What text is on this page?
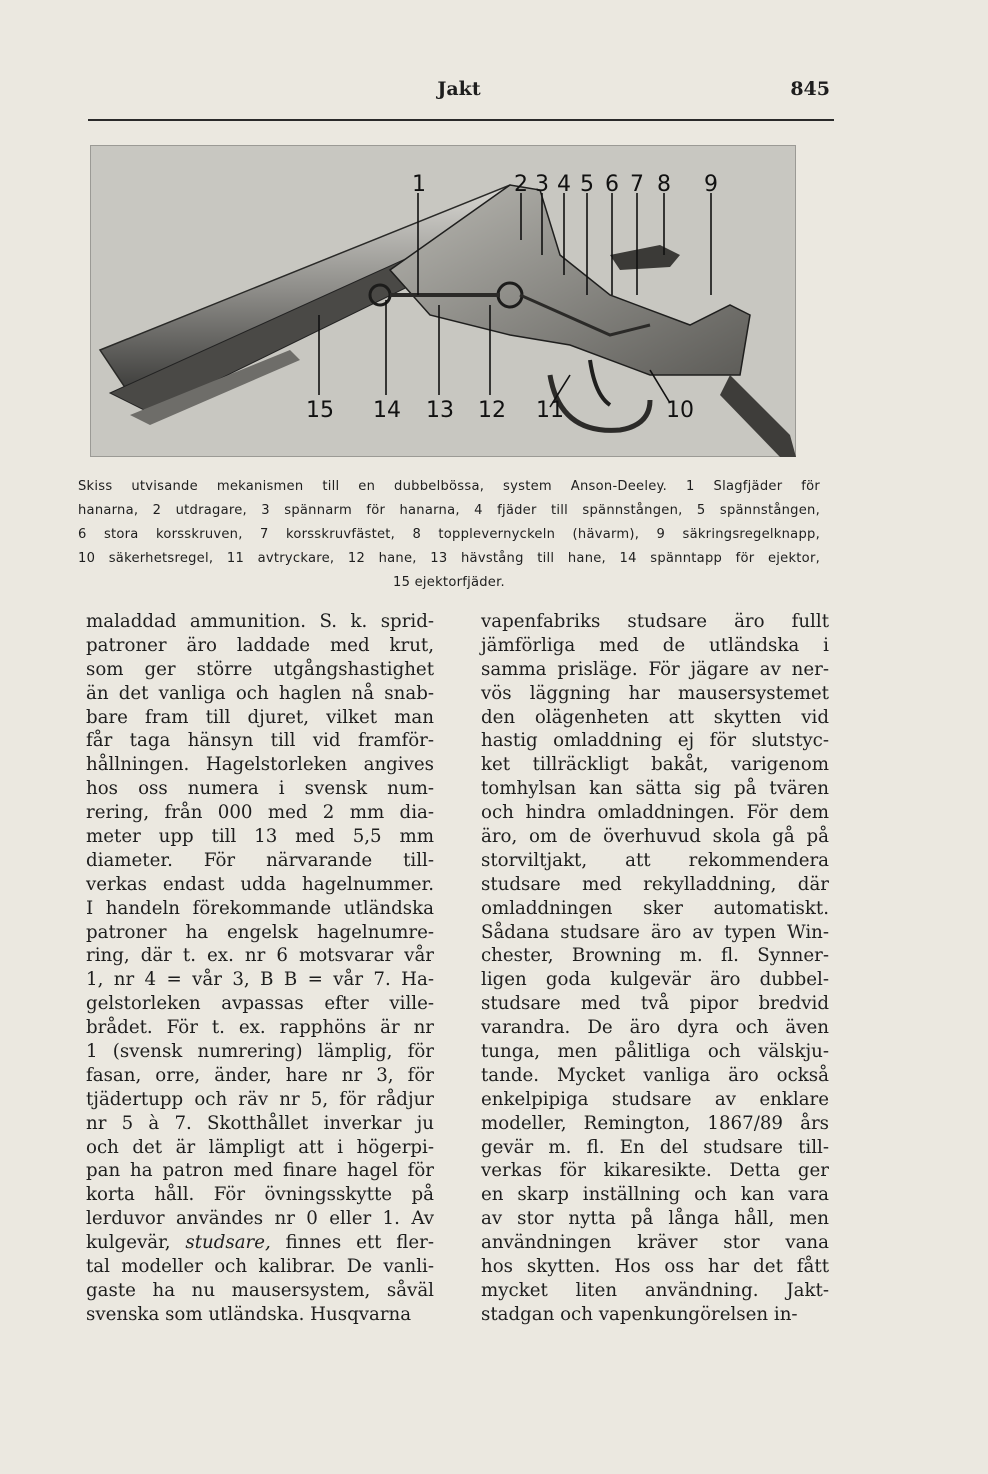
Jakt	845
1	2 3 4 5 6 7 8 9
15 14 13 12 11	10
Skiss utvisande mekanismen till en dubbelbössa, system Anson-Deeley. 1 Slagfjäder för
hanarna, 2 utdragare, 3 spännarm för hanarna, 4 fjäder till spännstången, 5 spännstången,
6 stora korsskruven, 7 korsskruvfästet, 8 topplevernyckeln (hävarm), 9 säkringsregelknapp,
10 säkerhetsregel, 11 avtryckare, 12 hane, 13 hävstång till hane, 14 spänntapp för ejektor,
15 ejektorfjäder.
maladdad ammunition. S. k. sprid-
patroner äro laddade med krut,
som ger större utgångshastighet
än det vanliga och haglen nå snab-
bare fram till djuret, vilket man
får taga hänsyn till vid framför-
hållningen. Hagelstorleken angives
hos oss numera i svensk num-
rering, från 000 med 2 mm dia-
meter upp till 13 med 5,5 mm
diameter. För närvarande till-
verkas endast udda hagelnummer.
I handeln förekommande utländska
patroner ha engelsk hagelnumre-
ring, där t. ex. nr 6 motsvarar vår
1, nr 4 = vår 3, B B = vår 7. Ha-
gelstorleken avpassas efter ville-
brådet. För t. ex. rapphöns är nr
1 (svensk numrering) lämplig, för
fasan, orre, änder, hare nr 3, för
tjädertupp och räv nr 5, för rådjur
nr 5 à 7. Skotthållet inverkar ju
och det är lämpligt att i högerpi-
pan ha patron med finare hagel för
korta håll. För övningsskytte på
lerduvor användes nr 0 eller 1. Av
kulgevär, studsare, finnes ett fler-
tal modeller och kalibrar. De vanli-
gaste ha nu mausersystem, såväl
svenska som utländska. Husqvarna
vapenfabriks studsare äro fullt
jämförliga med de utländska i
samma prisläge. För jägare av ner-
vös läggning har mausersystemet
den olägenheten att skytten vid
hastig omladdning ej för slutstyc-
ket tillräckligt bakåt, varigenom
tomhylsan kan sätta sig på tvären
och hindra omladdningen. För dem
äro, om de överhuvud skola gå på
storviltjakt, att rekommendera
studsare med rekylladdning, där
omladdningen sker automatiskt.
Sådana studsare äro av typen Win-
chester, Browning m. fl. Synner-
ligen goda kulgevär äro dubbel-
studsare med två pipor bredvid
varandra. De äro dyra och även
tunga, men pålitliga och välskju-
tande. Mycket vanliga äro också
enkelpipiga studsare av enklare
modeller, Remington, 1867/89 års
gevär m. fl. En del studsare till-
verkas för kikaresikte. Detta ger
en skarp inställning och kan vara
av stor nytta på långa håll, men
användningen kräver stor vana
hos skytten. Hos oss har det fått
mycket liten användning. Jakt-
stadgan och vapenkungörelsen in-
